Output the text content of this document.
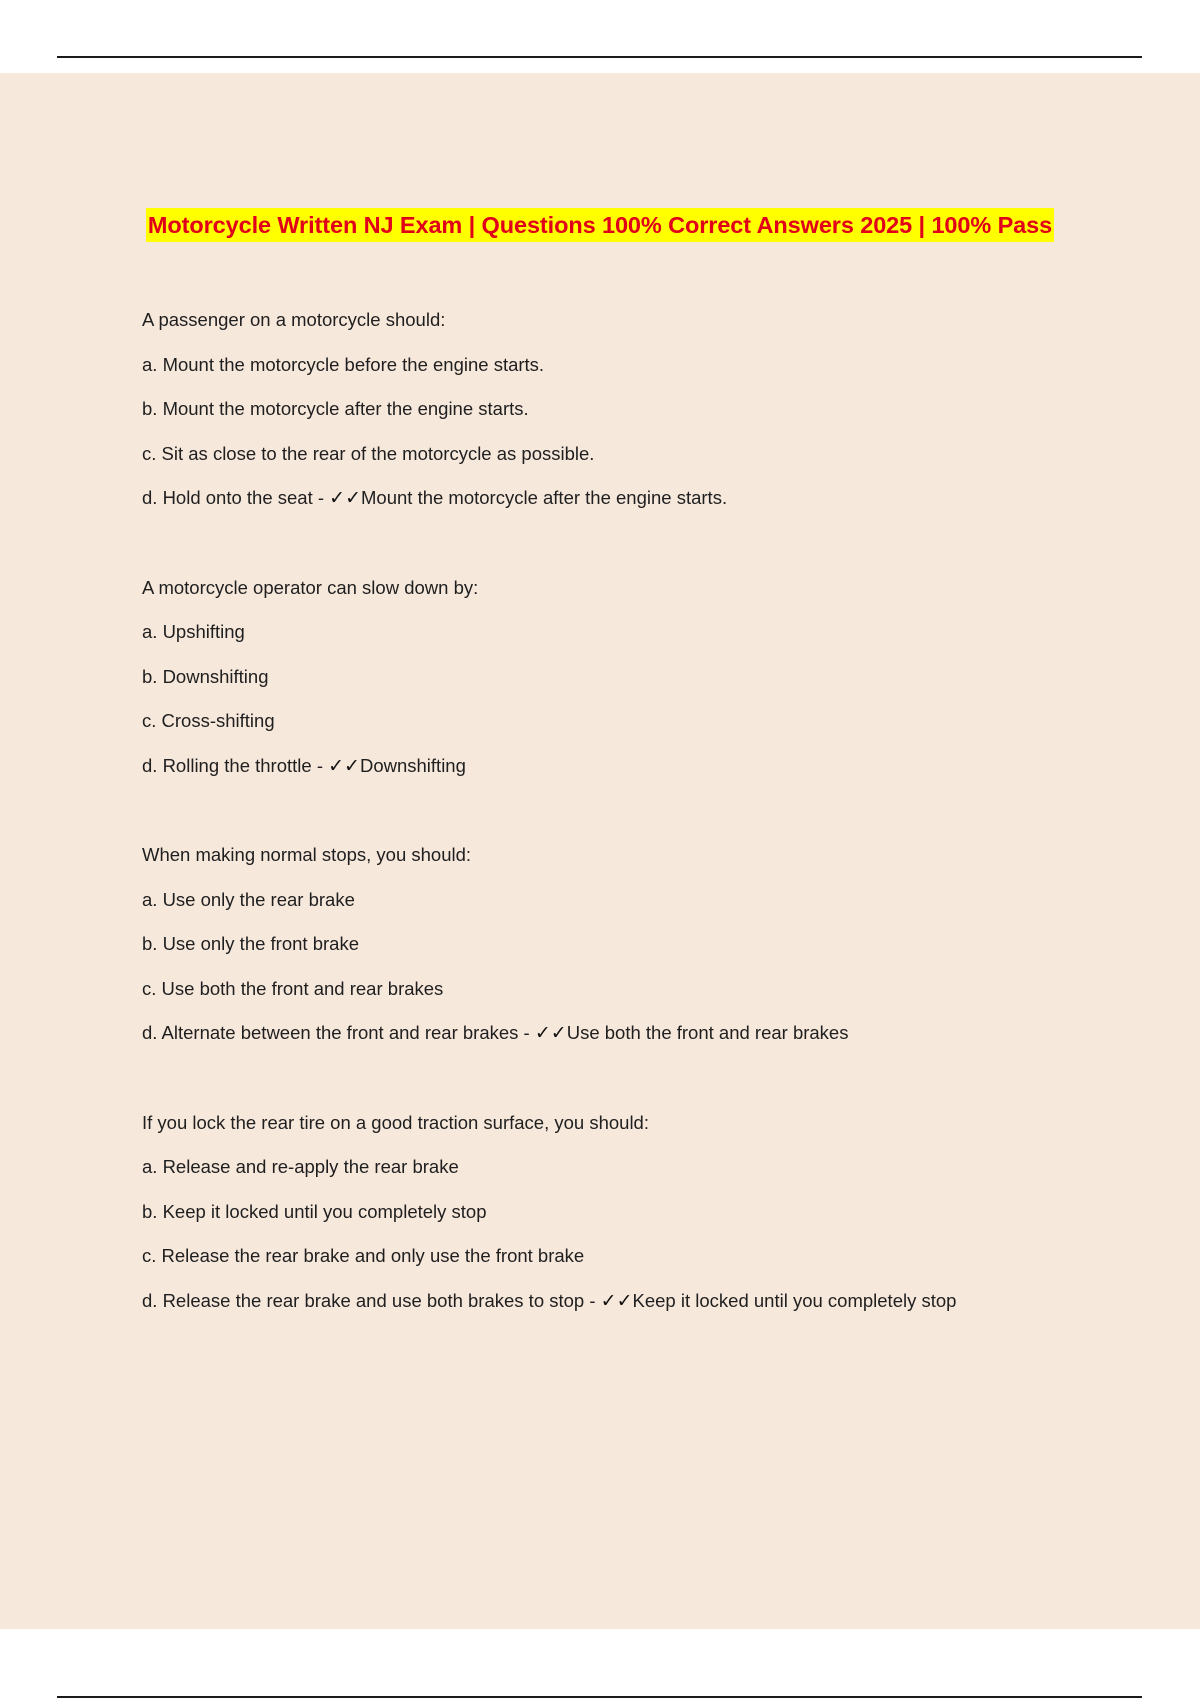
Motorcycle Written NJ Exam | Questions 100% Correct Answers 2025 | 100% Pass
A passenger on a motorcycle should:
a. Mount the motorcycle before the engine starts.
b. Mount the motorcycle after the engine starts.
c. Sit as close to the rear of the motorcycle as possible.
d. Hold onto the seat - ✓✓Mount the motorcycle after the engine starts.
A motorcycle operator can slow down by:
a. Upshifting
b. Downshifting
c. Cross-shifting
d. Rolling the throttle - ✓✓Downshifting
When making normal stops, you should:
a. Use only the rear brake
b. Use only the front brake
c. Use both the front and rear brakes
d. Alternate between the front and rear brakes - ✓✓Use both the front and rear brakes
If you lock the rear tire on a good traction surface, you should:
a. Release and re-apply the rear brake
b. Keep it locked until you completely stop
c. Release the rear brake and only use the front brake
d. Release the rear brake and use both brakes to stop - ✓✓Keep it locked until you completely stop
